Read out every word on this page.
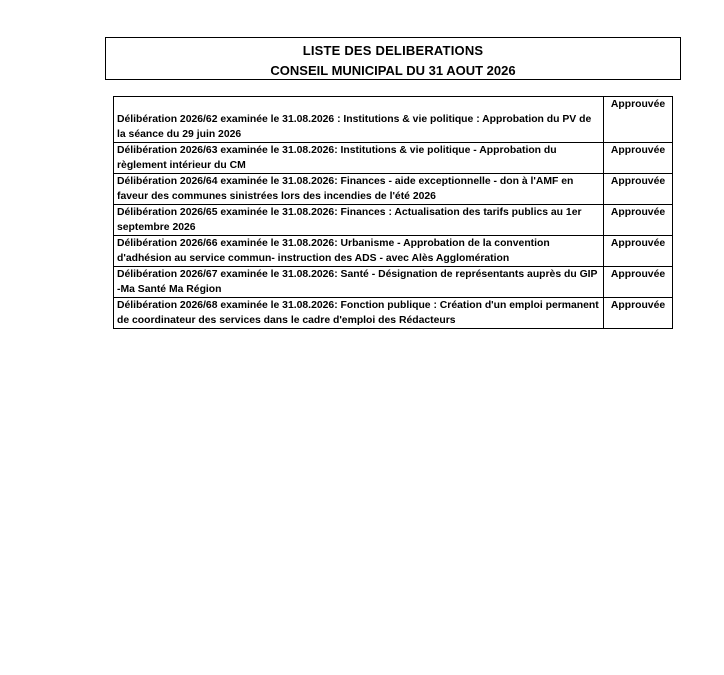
LISTE DES DELIBERATIONS
CONSEIL MUNICIPAL DU 31 AOUT 2026
Délibération 2026/62 examinée le 31.08.2026 : Institutions & vie politique : Approbation du PV de la séance du 29 juin 2026	Approuvée
Délibération 2026/63 examinée le 31.08.2026: Institutions & vie politique - Approbation du règlement intérieur du CM	Approuvée
Délibération 2026/64 examinée le 31.08.2026: Finances - aide exceptionnelle - don à l'AMF en faveur des communes sinistrées lors des incendies de l'été 2026	Approuvée
Délibération 2026/65 examinée le 31.08.2026: Finances : Actualisation des tarifs publics au 1er septembre 2026	Approuvée
Délibération 2026/66 examinée le 31.08.2026: Urbanisme - Approbation de la convention d'adhésion au service commun- instruction des ADS - avec Alès Agglomération	Approuvée
Délibération 2026/67 examinée le 31.08.2026: Santé - Désignation de représentants auprès du GIP -Ma Santé Ma Région	Approuvée
Délibération 2026/68 examinée le 31.08.2026: Fonction publique : Création d'un emploi permanent de coordinateur des services dans le cadre d'emploi des Rédacteurs	Approuvée
